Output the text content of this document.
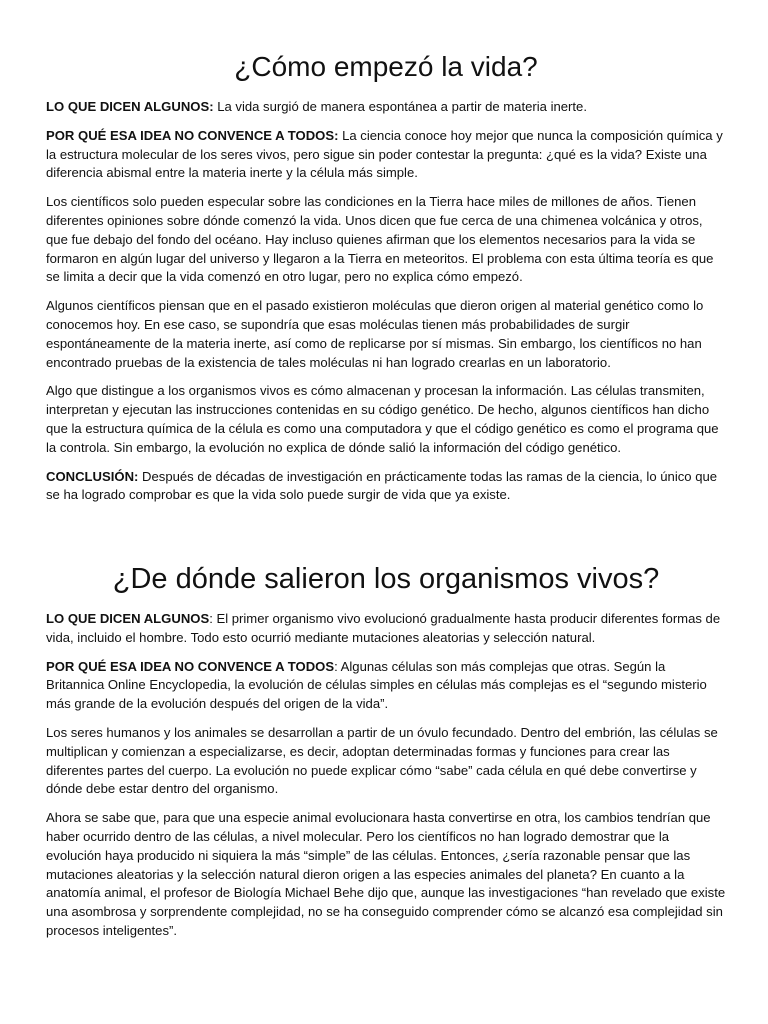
¿Cómo empezó la vida?

LO QUE DICEN ALGUNOS: La vida surgió de manera espontánea a partir de materia inerte.

POR QUÉ ESA IDEA NO CONVENCE A TODOS: La ciencia conoce hoy mejor que nunca la composición química y la estructura molecular de los seres vivos, pero sigue sin poder contestar la pregunta: ¿qué es la vida? Existe una diferencia abismal entre la materia inerte y la célula más simple.

Los científicos solo pueden especular sobre las condiciones en la Tierra hace miles de millones de años. Tienen diferentes opiniones sobre dónde comenzó la vida. Unos dicen que fue cerca de una chimenea volcánica y otros, que fue debajo del fondo del océano. Hay incluso quienes afirman que los elementos necesarios para la vida se formaron en algún lugar del universo y llegaron a la Tierra en meteoritos. El problema con esta última teoría es que se limita a decir que la vida comenzó en otro lugar, pero no explica cómo empezó.

Algunos científicos piensan que en el pasado existieron moléculas que dieron origen al material genético como lo conocemos hoy. En ese caso, se supondría que esas moléculas tienen más probabilidades de surgir espontáneamente de la materia inerte, así como de replicarse por sí mismas. Sin embargo, los científicos no han encontrado pruebas de la existencia de tales moléculas ni han logrado crearlas en un laboratorio.

Algo que distingue a los organismos vivos es cómo almacenan y procesan la información. Las células transmiten, interpretan y ejecutan las instrucciones contenidas en su código genético. De hecho, algunos científicos han dicho que la estructura química de la célula es como una computadora y que el código genético es como el programa que la controla. Sin embargo, la evolución no explica de dónde salió la información del código genético.

CONCLUSIÓN: Después de décadas de investigación en prácticamente todas las ramas de la ciencia, lo único que se ha logrado comprobar es que la vida solo puede surgir de vida que ya existe.

¿De dónde salieron los organismos vivos?

LO QUE DICEN ALGUNOS: El primer organismo vivo evolucionó gradualmente hasta producir diferentes formas de vida, incluido el hombre. Todo esto ocurrió mediante mutaciones aleatorias y selección natural.

POR QUÉ ESA IDEA NO CONVENCE A TODOS: Algunas células son más complejas que otras. Según la Britannica Online Encyclopedia, la evolución de células simples en células más complejas es el “segundo misterio más grande de la evolución después del origen de la vida”.

Los seres humanos y los animales se desarrollan a partir de un óvulo fecundado. Dentro del embrión, las células se multiplican y comienzan a especializarse, es decir, adoptan determinadas formas y funciones para crear las diferentes partes del cuerpo. La evolución no puede explicar cómo “sabe” cada célula en qué debe convertirse y dónde debe estar dentro del organismo.

Ahora se sabe que, para que una especie animal evolucionara hasta convertirse en otra, los cambios tendrían que haber ocurrido dentro de las células, a nivel molecular. Pero los científicos no han logrado demostrar que la evolución haya producido ni siquiera la más “simple” de las células. Entonces, ¿sería razonable pensar que las mutaciones aleatorias y la selección natural dieron origen a las especies animales del planeta? En cuanto a la anatomía animal, el profesor de Biología Michael Behe dijo que, aunque las investigaciones “han revelado que existe una asombrosa y sorprendente complejidad, no se ha conseguido comprender cómo se alcanzó esa complejidad sin procesos inteligentes”.
